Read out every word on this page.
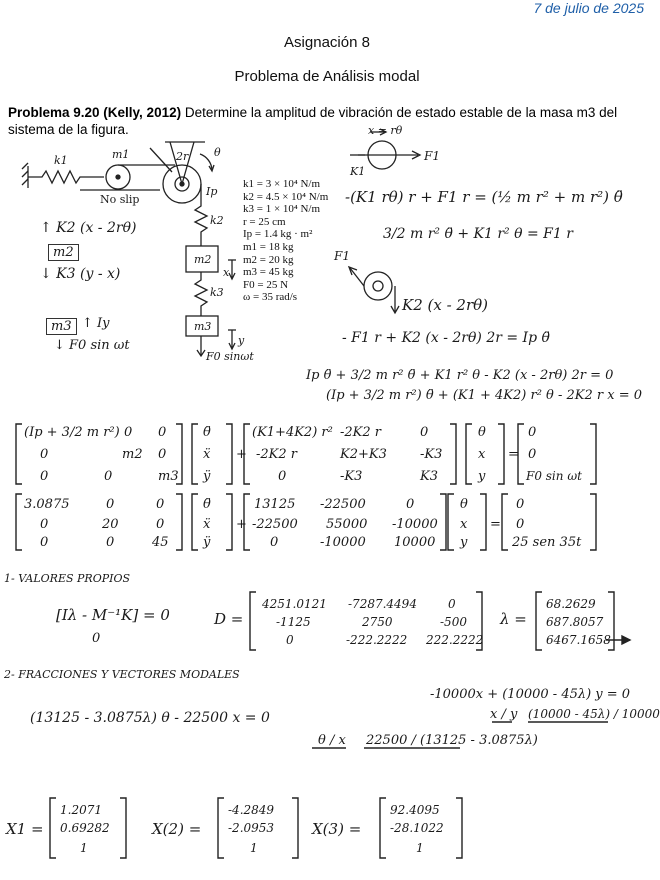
7 de julio de 2025
Asignación 8
Problema de Análisis modal
Problema 9.20 (Kelly, 2012) Determine la amplitud de vibración de estado estable de la masa m3 del sistema de la figura.
k1	m1	2r θ
Ip
No slip
k2
m2
x
k3
m3
y
F0 sinωt
x = rθ
F1
K1
F1
K2 (x - 2rθ)
k1 = 3 × 10⁴ N/m
k2 = 4.5 × 10⁴ N/m
k3 = 1 × 10⁴ N/m
r = 25 cm
Ip = 1.4 kg · m²
m1 = 18 kg
m2 = 20 kg
m3 = 45 kg
F0 = 25 N
ω = 35 rad/s
-(K1 rθ) r + F1 r = (½ m r² + m r²) θ̈
3/2 m r² θ̈ + K1 r² θ = F1 r
↑ K2 (x - 2rθ)
m2
↓ K3 (y - x)
m3 ↑ Iy
↓ F0 sin ωt	- F1 r + K2 (x - 2rθ) 2r = Ip θ̈
Ip θ̈ + 3/2 m r² θ̈ + K1 r² θ - K2 (x - 2rθ) 2r = 0
(Ip + 3/2 m r²) θ̈ + (K1 + 4K2) r² θ - 2K2 r x = 0
(Ip + 3/2 m r²) 0 0
0	m2 0
0	0	m3
θ̈
ẍ
ÿ
+
(K1+4K2) r² -2K2 r	0
-2K2 r	K2+K3	-K3
0	-K3	K3
θ
x
y
=
0
0
F0 sin ωt
3.0875	0	0
0	20	0
0	0	45
θ̈
ẍ
ÿ
+
13125 -22500	0
-22500 55000 -10000
0	-10000 10000
θ
x
y
=
0
0
25 sen 35t
1- VALORES PROPIOS
[Iλ - M⁻¹K] = 0
0
D =
4251.0121 -7287.4494	0
-1125	2750	-500
0	-222.2222 222.2222
λ =
68.2629
687.8057
6467.1658
2- FRACCIONES Y VECTORES MODALES
(13125 - 3.0875λ) θ - 22500 x = 0
θ / x 22500 / (13125 - 3.0875λ)
-10000x + (10000 - 45λ) y = 0
x / y (10000 - 45λ) / 10000
X1 =
1.2071
0.69282
1
X(2) =
-4.2849
-2.0953
1
X(3) =
92.4095
-28.1022
1
